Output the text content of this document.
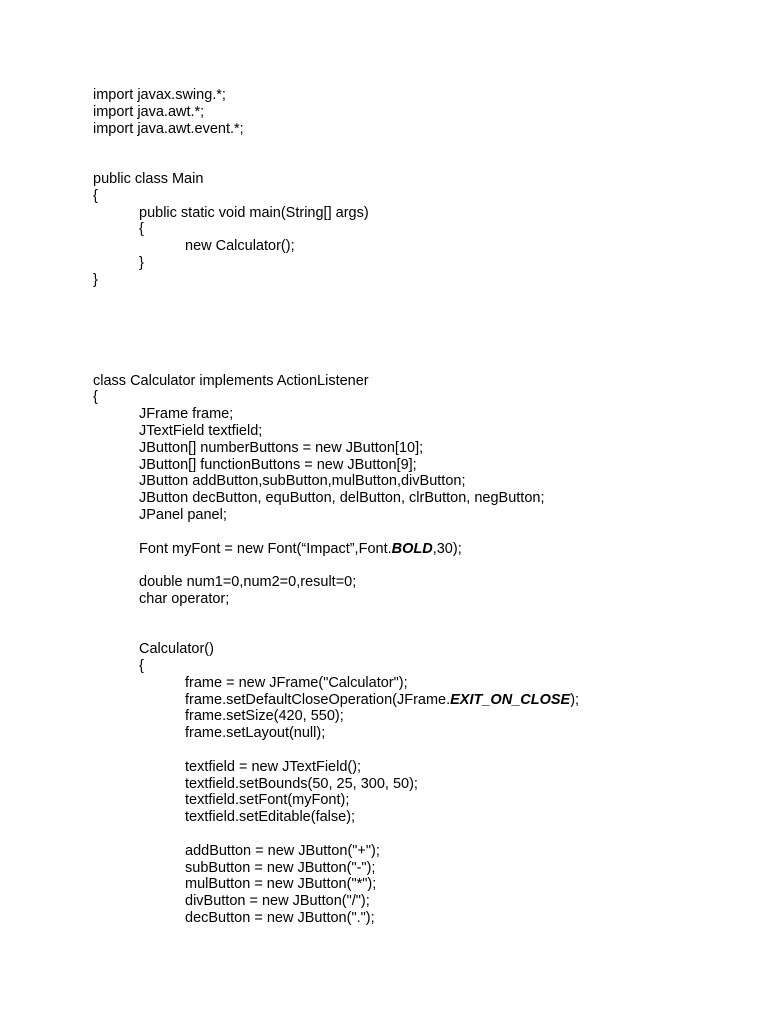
import javax.swing.*;
import java.awt.*;
import java.awt.event.*;
public class Main
{
public static void main(String[] args)
{
new Calculator();
}
}
class Calculator implements ActionListener
{
JFrame frame;
JTextField textfield;
JButton[] numberButtons = new JButton[10];
JButton[] functionButtons = new JButton[9];
JButton addButton,subButton,mulButton,divButton;
JButton decButton, equButton, delButton, clrButton, negButton;
JPanel panel;
Font myFont = new Font(“Impact”,Font.BOLD,30);
double num1=0,num2=0,result=0;
char operator;
Calculator()
{
frame = new JFrame("Calculator");
frame.setDefaultCloseOperation(JFrame.EXIT_ON_CLOSE);
frame.setSize(420, 550);
frame.setLayout(null);
textfield = new JTextField();
textfield.setBounds(50, 25, 300, 50);
textfield.setFont(myFont);
textfield.setEditable(false);
addButton = new JButton("+");
subButton = new JButton("-");
mulButton = new JButton("*");
divButton = new JButton("/");
decButton = new JButton(".");
